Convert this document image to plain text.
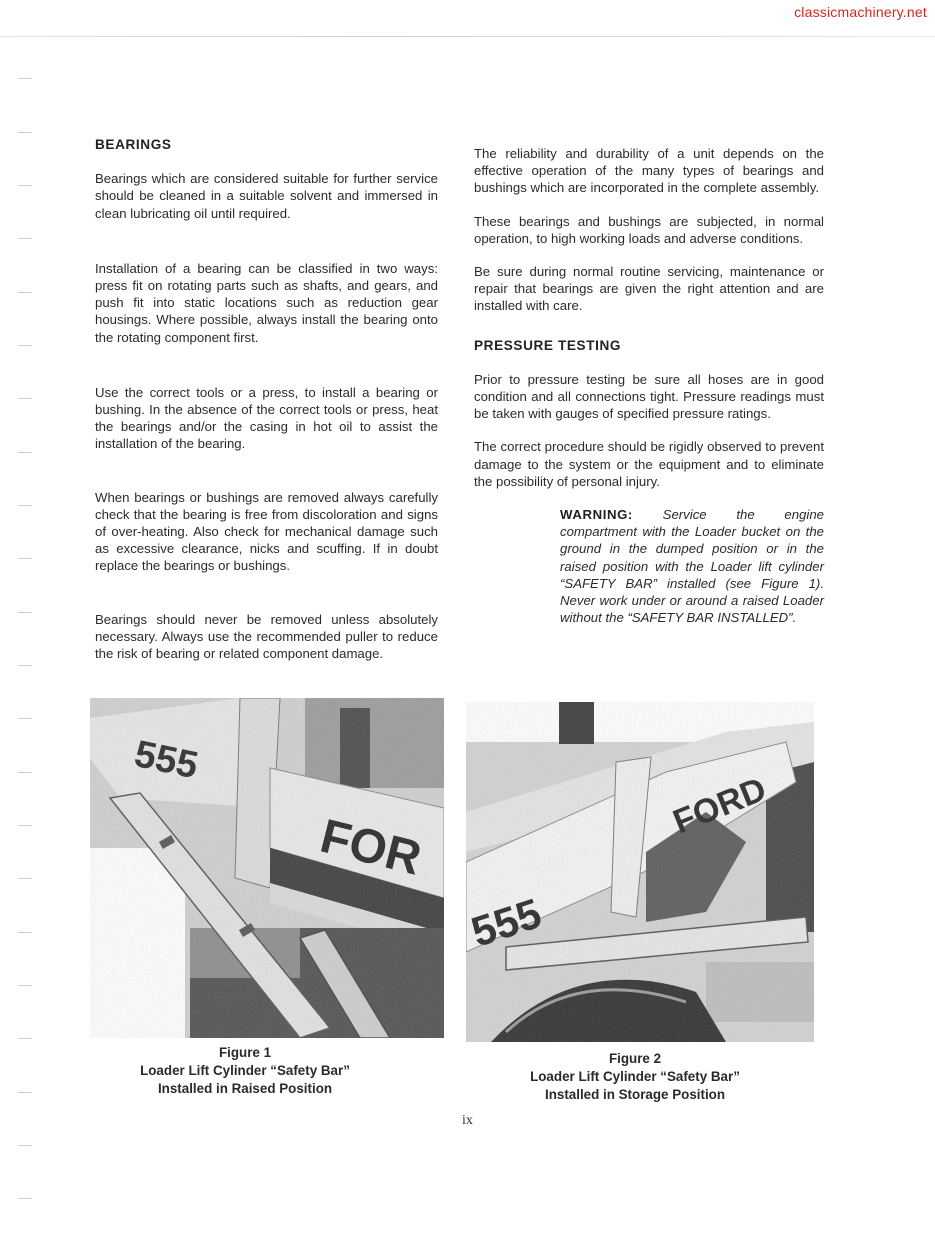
classicmachinery.net
BEARINGS

Bearings which are considered suitable for further service should be cleaned in a suitable solvent and immersed in clean lubricating oil until required.

Installation of a bearing can be classified in two ways: press fit on rotating parts such as shafts, and gears, and push fit into static locations such as reduction gear housings. Where possible, always install the bearing onto the rotating component first.

Use the correct tools or a press, to install a bearing or bushing. In the absence of the correct tools or press, heat the bearings and/or the casing in hot oil to assist the installation of the bearing.

When bearings or bushings are removed always carefully check that the bearing is free from discoloration and signs of over-heating. Also check for mechanical damage such as excessive clearance, nicks and scuffing. If in doubt replace the bearings or bushings.

Bearings should never be removed unless absolutely necessary. Always use the recommended puller to reduce the risk of bearing or related component damage.

The reliability and durability of a unit depends on the effective operation of the many types of bearings and bushings which are incorporated in the complete assembly.

These bearings and bushings are subjected, in normal operation, to high working loads and adverse conditions.

Be sure during normal routine servicing, maintenance or repair that bearings are given the right attention and are installed with care.

PRESSURE TESTING

Prior to pressure testing be sure all hoses are in good condition and all connections tight. Pressure readings must be taken with gauges of specified pressure ratings.

The correct procedure should be rigidly observed to prevent damage to the system or the equipment and to eliminate the possibility of personal injury.

WARNING: Service the engine compartment with the Loader bucket on the ground in the dumped position or in the raised position with the Loader lift cylinder “SAFETY BAR” installed (see Figure 1). Never work under or around a raised Loader without the “SAFETY BAR INSTALLED”.
Figure 1
Loader Lift Cylinder “Safety Bar”
Installed in Raised Position
Figure 2
Loader Lift Cylinder “Safety Bar”
Installed in Storage Position
ix
